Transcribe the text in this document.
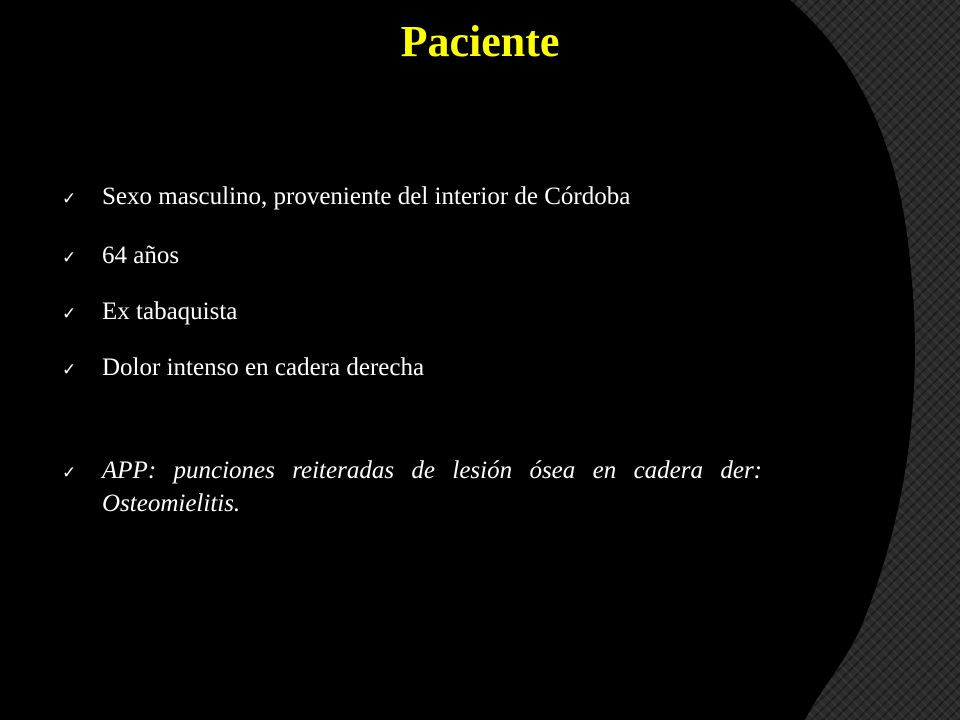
Paciente
✓ Sexo masculino, proveniente del interior de Córdoba
✓ 64 años
✓ Ex tabaquista
✓ Dolor intenso en cadera derecha
✓ APP: punciones reiteradas de lesión ósea en cadera der: Osteomielitis.
